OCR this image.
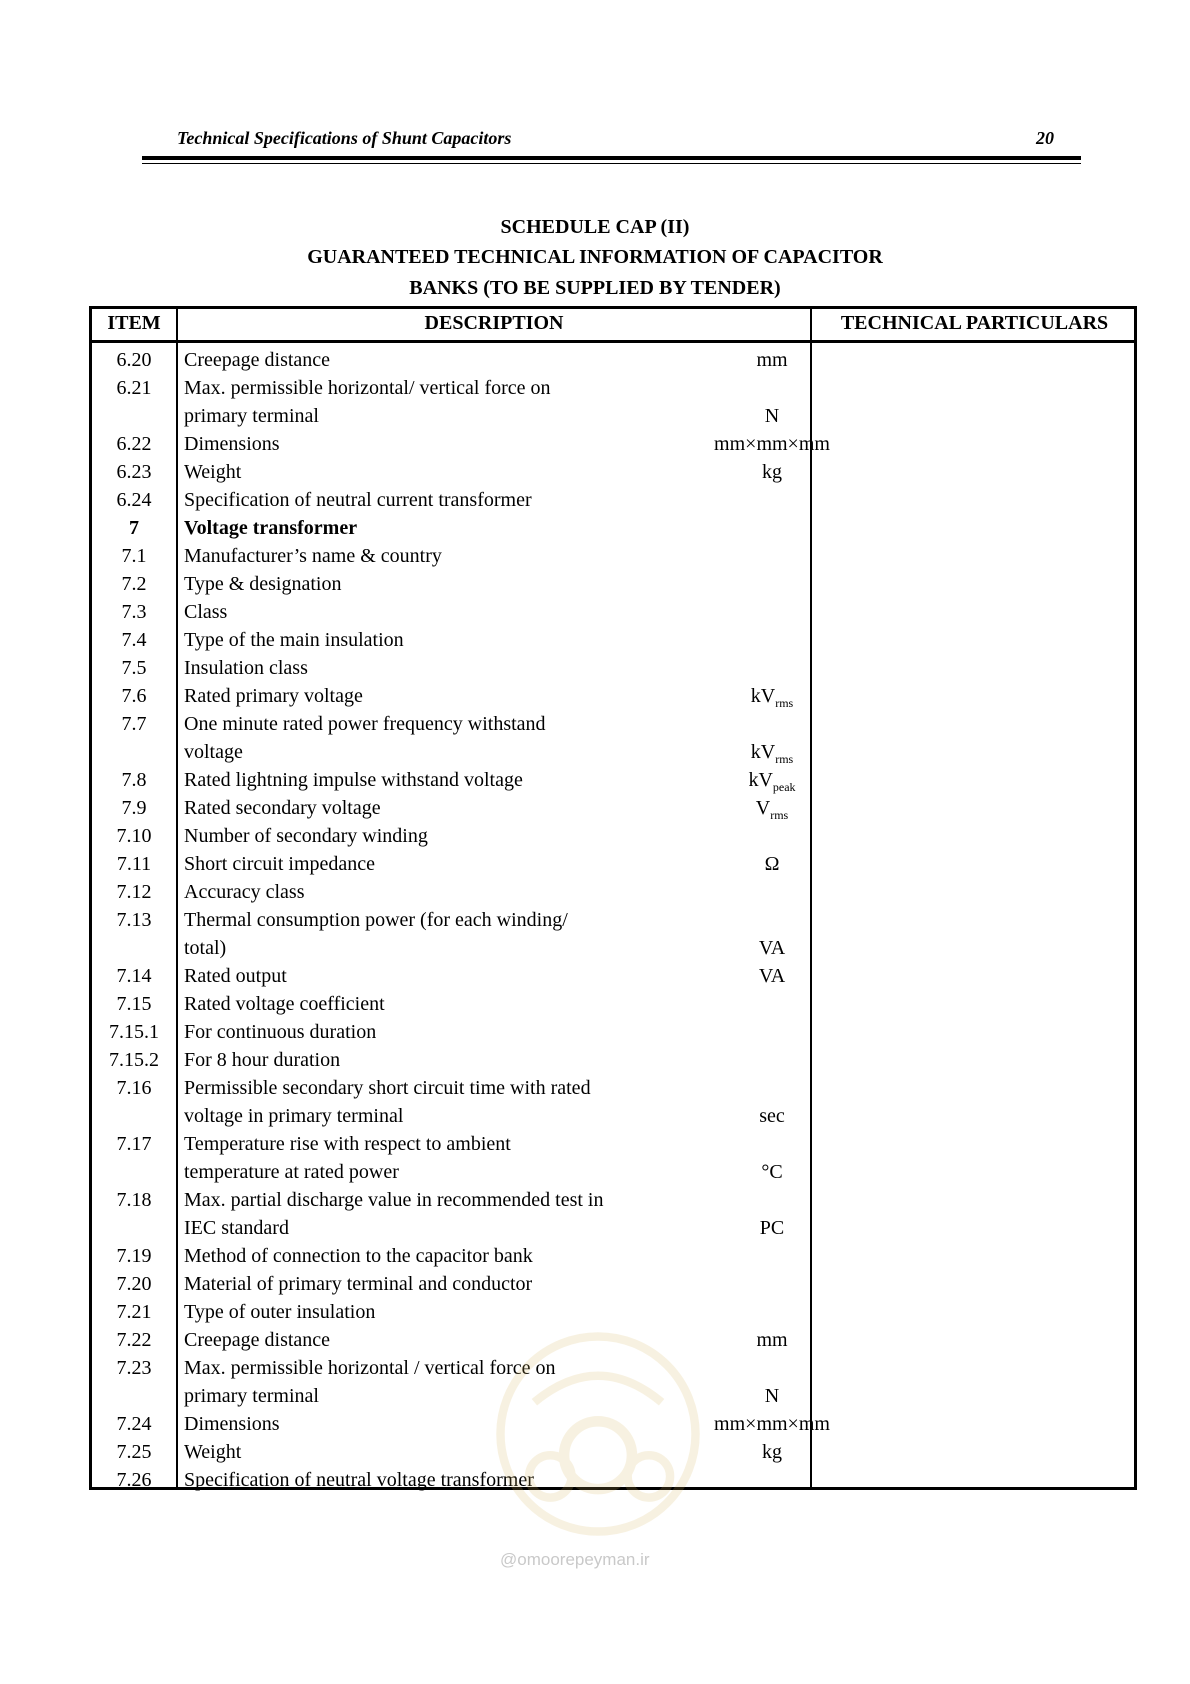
Technical Specifications of Shunt Capacitors	20
SCHEDULE CAP (II)
GUARANTEED TECHNICAL INFORMATION OF CAPACITOR
BANKS (TO BE SUPPLIED BY TENDER)
ITEM	DESCRIPTION	TECHNICAL PARTICULARS
6.20	Creepage distance	mm
6.21	Max. permissible horizontal/ vertical force on
primary terminal	N
6.22	Dimensions	mm×mm×mm
6.23	Weight	kg
6.24	Specification of neutral current transformer
7	Voltage transformer
7.1	Manufacturer’s name & country
7.2	Type & designation
7.3	Class
7.4	Type of the main insulation
7.5	Insulation class
7.6	Rated primary voltage	$kV_{rms}$
7.7	One minute rated power frequency withstand
voltage	$kV_{rms}$
7.8	Rated lightning impulse withstand voltage	$kV_{peak}$
7.9	Rated secondary voltage	$V_{rms}$
7.10	Number of secondary winding
7.11	Short circuit impedance	Ω
7.12	Accuracy class
7.13	Thermal consumption power (for each winding/
total)	VA
7.14	Rated output	VA
7.15	Rated voltage coefficient
7.15.1	For continuous duration
7.15.2	For 8 hour duration
7.16	Permissible secondary short circuit time with rated
voltage in primary terminal	sec
7.17	Temperature rise with respect to ambient
temperature at rated power	°C
7.18	Max. partial discharge value in recommended test in
IEC standard	PC
7.19	Method of connection to the capacitor bank
7.20	Material of primary terminal and conductor
7.21	Type of outer insulation
7.22	Creepage distance	mm
7.23	Max. permissible horizontal / vertical force on
primary terminal	N
7.24	Dimensions	mm×mm×mm
7.25	Weight	kg
7.26	Specification of neutral voltage transformer
@omoorepeyman.ir
